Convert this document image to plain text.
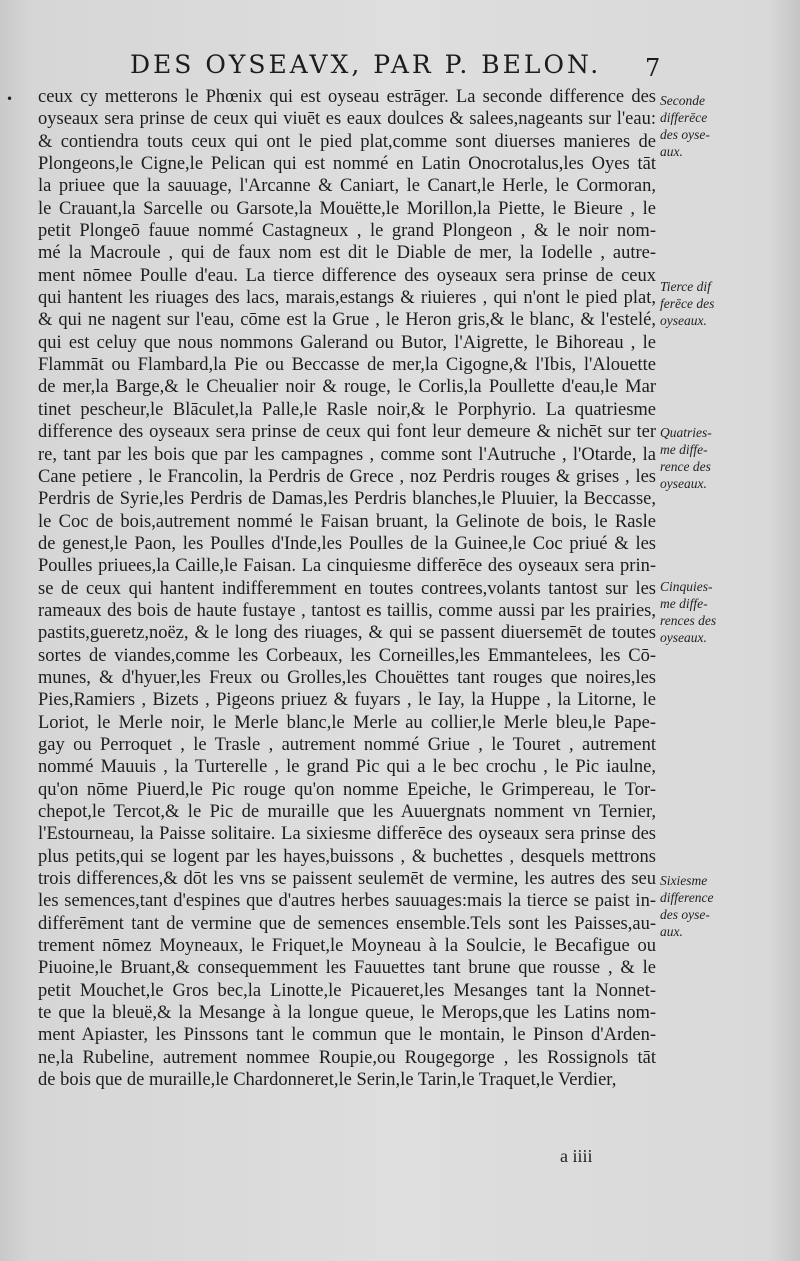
DES OYSEAVX, PAR P. BELON. 7
• ceux cy metterons le Phœnix qui est oyseau estrāger. La seconde difference des
oyseaux sera prinse de ceux qui viuēt es eaux doulces & salees,nageants sur l'eau:
& contiendra touts ceux qui ont le pied plat,comme sont diuerses manieres de
Plongeons,le Cigne,le Pelican qui est nommé en Latin Onocrotalus,les Oyes tāt
la priuee que la sauuage, l'Arcanne & Caniart, le Canart,le Herle, le Cormoran,
le Crauant,la Sarcelle ou Garsote,la Mouëtte,le Morillon,la Piette, le Bieure , le
petit Plongeō fauue nommé Castagneux , le grand Plongeon , & le noir nom-
mé la Macroule , qui de faux nom est dit le Diable de mer, la Iodelle , autre-
ment nōmee Poulle d'eau. La tierce difference des oyseaux sera prinse de ceux
qui hantent les riuages des lacs, marais,estangs & riuieres , qui n'ont le pied plat,
& qui ne nagent sur l'eau, cōme est la Grue , le Heron gris,& le blanc, & l'estelé,
qui est celuy que nous nommons Galerand ou Butor, l'Aigrette, le Bihoreau , le
Flammāt ou Flambard,la Pie ou Beccasse de mer,la Cigogne,& l'Ibis, l'Alouette
de mer,la Barge,& le Cheualier noir & rouge, le Corlis,la Poullette d'eau,le Mar
tinet pescheur,le Blāculet,la Palle,le Rasle noir,& le Porphyrio. La quatriesme
difference des oyseaux sera prinse de ceux qui font leur demeure & nichēt sur ter
re, tant par les bois que par les campagnes , comme sont l'Autruche , l'Otarde, la
Cane petiere , le Francolin, la Perdris de Grece , noz Perdris rouges & grises , les
Perdris de Syrie,les Perdris de Damas,les Perdris blanches,le Pluuier, la Beccasse,
le Coc de bois,autrement nommé le Faisan bruant, la Gelinote de bois, le Rasle
de genest,le Paon, les Poulles d'Inde,les Poulles de la Guinee,le Coc priué & les
Poulles priuees,la Caille,le Faisan. La cinquiesme differēce des oyseaux sera prin-
se de ceux qui hantent indifferemment en toutes contrees,volants tantost sur les
rameaux des bois de haute fustaye , tantost es taillis, comme aussi par les prairies,
pastits,gueretz,noëz, & le long des riuages, & qui se passent diuersemēt de toutes
sortes de viandes,comme les Corbeaux, les Corneilles,les Emmantelees, les Cō-
munes, & d'hyuer,les Freux ou Grolles,les Chouëttes tant rouges que noires,les
Pies,Ramiers , Bizets , Pigeons priuez & fuyars , le Iay, la Huppe , la Litorne, le
Loriot, le Merle noir, le Merle blanc,le Merle au collier,le Merle bleu,le Pape-
gay ou Perroquet , le Trasle , autrement nommé Griue , le Touret , autrement
nommé Mauuis , la Turterelle , le grand Pic qui a le bec crochu , le Pic iaulne,
qu'on nōme Piuerd,le Pic rouge qu'on nomme Epeiche, le Grimpereau, le Tor-
chepot,le Tercot,& le Pic de muraille que les Auuergnats nomment vn Ternier,
l'Estourneau, la Paisse solitaire. La sixiesme differēce des oyseaux sera prinse des
plus petits,qui se logent par les hayes,buissons , & buchettes , desquels mettrons
trois differences,& dōt les vns se paissent seulemēt de vermine, les autres des seu
les semences,tant d'espines que d'autres herbes sauuages:mais la tierce se paist in-
differēment tant de vermine que de semences ensemble.Tels sont les Paisses,au-
trement nōmez Moyneaux, le Friquet,le Moyneau à la Soulcie, le Becafigue ou
Piuoine,le Bruant,& consequemment les Fauuettes tant brune que rousse , & le
petit Mouchet,le Gros bec,la Linotte,le Picaueret,les Mesanges tant la Nonnet-
te que la bleuë,& la Mesange à la longue queue, le Merops,que les Latins nom-
ment Apiaster, les Pinssons tant le commun que le montain, le Pinson d'Arden-
ne,la Rubeline, autrement nommee Roupie,ou Rougegorge , les Rossignols tāt
de bois que de muraille,le Chardonneret,le Serin,le Tarin,le Traquet,le Verdier,
Seconde
differēce
des oyse-
aux.
Tierce dif
ferēce des
oyseaux.
Quatries-
me diffe-
rence des
oyseaux.
Cinquies-
me diffe-
rences des
oyseaux.
Sixiesme
difference
des oyse-
aux.
a iiii
